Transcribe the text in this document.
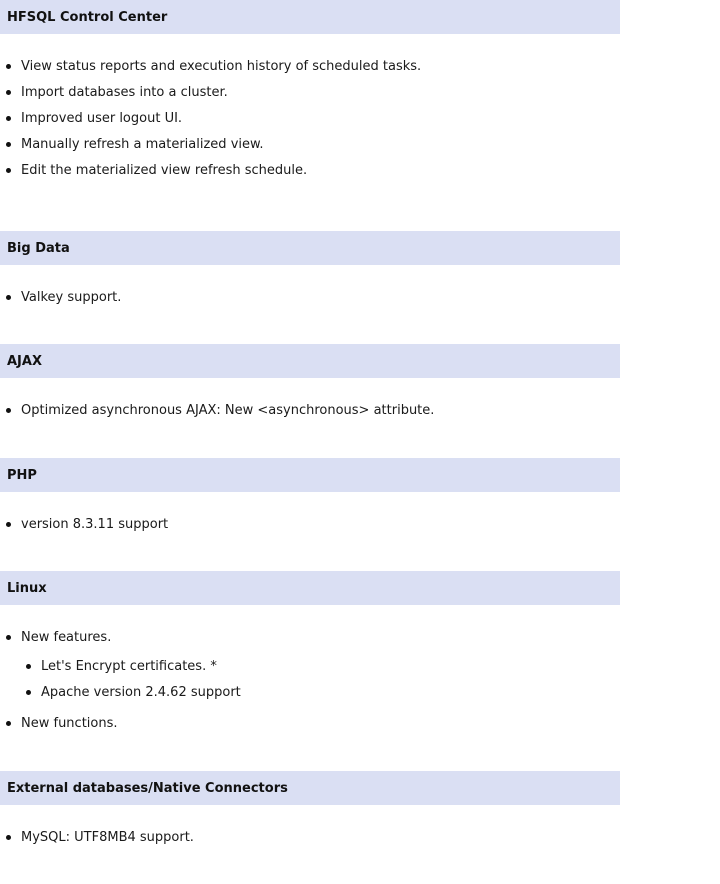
HFSQL Control Center
View status reports and execution history of scheduled tasks.
Import databases into a cluster.
Improved user logout UI.
Manually refresh a materialized view.
Edit the materialized view refresh schedule.
Big Data
Valkey support.
AJAX
Optimized asynchronous AJAX: New <asynchronous> attribute.
PHP
version 8.3.11 support
Linux
New features.
Let's Encrypt certificates. *
Apache version 2.4.62 support
New functions.
External databases/Native Connectors
MySQL: UTF8MB4 support.
